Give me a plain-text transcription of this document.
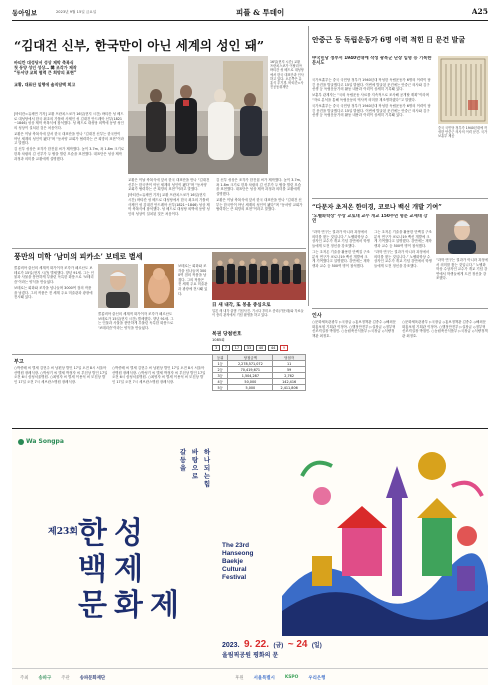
동아일보	2023년 9월 15일 금요일	피플 & 투데이	A25
“김대건 신부, 한국만이 아닌 세계의 성인 돼”
바티칸 대성당서 성상 제막 축복식
첫 동양 성인 성상… 韓 조각가 제작
“동서양 교회 협력 큰 희망의 표현”
교황, 대표단 일행에 솔직담백 회고

[바티칸=유채연 기자] 교황 프란치스코가 16일(현지 시간) 바티칸 성 베드로 대성당에서 한국 최초의 가톨릭 사제인 성 김대건 안드레아 신부(1821~1846) 성상 제막 축복식에 참석했다. 성 베드로 대성당 외벽에 동양 성인의 성상이 설치된 것은 처음이다.

교황은 이날 축복식에 앞서 한국 대표단을 만나 “김대건 신부는 한국만이 아닌 세계의 성인이 됐다”며 “동서양 교회가 협력하는 큰 희망의 표현”이라고 말했다.

김 신부 성상은 조각가 한진섭 씨가 제작했다. 높이 3.7m, 폭 1.8m 크기로 한복 차림의 김 신부가 두 팔을 벌린 모습을 표현했다. 대표단은 성상 제작 과정과 의미를 교황에게 설명했다.

16일(현지 시간) 교황 프란치스코가 이탈리아 바티칸 성 베드로 대성당에서 한국 대표단과 인사하고 있다. 오른쪽은 유흥식 추기경. 바티칸=사진공동취재단

교황은 이날 축복식에 앞서 한국 대표단을 만나 “김대건 신부는 한국만이 아닌 세계의 성인이 됐다”며 “동서양 교회가 협력하는 큰 희망의 표현”이라고 말했다.

[바티칸=유채연 기자] 교황 프란치스코가 16일(현지 시간) 바티칸 성 베드로 대성당에서 한국 최초의 가톨릭 사제인 성 김대건 안드레아 신부(1821~1846) 성상 제막 축복식에 참석했다. 성 베드로 대성당 외벽에 동양 성인의 성상이 설치된 것은 처음이다.

김 신부 성상은 조각가 한진섭 씨가 제작했다. 높이 3.7m, 폭 1.8m 크기로 한복 차림의 김 신부가 두 팔을 벌린 모습을 표현했다. 대표단은 성상 제작 과정과 의미를 교황에게 설명했다.

교황은 이날 축복식에 앞서 한국 대표단을 만나 “김대건 신부는 한국만이 아닌 세계의 성인이 됐다”며 “동서양 교회가 협력하는 큰 희망의 표현”이라고 말했다.

안중근 등 독립운동가 6명 이력 적힌 日 문건 발굴
中국민당 정부서 1940년대에 작성 광복군 단장 임명 등 기록한 문서도

국가보훈부는 중국 국민당 정부가 1940년대 작성한 독립운동가 6명의 이력이 담긴 문건을 발굴했다고 15일 밝혔다. 이번에 발굴된 문건에는 안중근 의사와 김구 선생 등 독립운동가의 활동 내용과 이력이 상세히 기록돼 있다.

보훈부 관계자는 “국외 독립운동 사료를 지속적으로 조사해 공개할 계획”이라며 “자료 분석을 통해 독립운동의 역사적 의미를 재조명하겠다”고 말했다.

국가보훈부는 중국 국민당 정부가 1940년대 작성한 독립운동가 6명의 이력이 담긴 문건을 발굴했다고 15일 밝혔다. 이번에 발굴된 문건에는 안중근 의사와 김구 선생 등 독립운동가의 활동 내용과 이력이 상세히 기록돼 있다.

중국 국민당 정부가 1940년대에 작성한 안중근 의사의 이력 문건. 국가보훈부 제공
“다문자 초저온 한미경, 코로나 백신 개발 기여”
‘노벨화학상’ 수상 교토대 교수 개교 150주년 명문 교세대 강연

“과학 연구는 결과가 아니라 과정에서 의미를 찾는 것입니다.” 노벨화학상 수상자인 교수가 개교 기념 강연에서 학생들에게 도전 정신을 강조했다.

그는 초저온 기술을 활용한 단백질 구조 분석 연구가 코로나19 백신 개발에 크게 기여했다고 설명했다. 강연에는 재학생과 교수 등 500여 명이 참석했다.

그는 초저온 기술을 활용한 단백질 구조 분석 연구가 코로나19 백신 개발에 크게 기여했다고 설명했다. 강연에는 재학생과 교수 등 500여 명이 참석했다.

“과학 연구는 결과가 아니라 과정에서 의미를 찾는 것입니다.” 노벨화학상 수상자인 교수가 개교 기념 강연에서 학생들에게 도전 정신을 강조했다.

“과학 연구는 결과가 아니라 과정에서 의미를 찾는 것입니다.” 노벨화학상 수상자인 교수가 개교 기념 강연에서 학생들에게 도전 정신을 강조했다.

풍만의 미학 ‘남미의 피카소’ 보테로 별세

콜롬비아 출신의 세계적 화가이자 조각가 페르난도 보테로가 15일(현지 시간) 별세했다. 향년 91세. 그는 인물과 사물을 풍만하게 부풀린 독특한 화풍으로 ‘보테리즘’이라는 양식을 만들었다.

보테로는 회화와 조각을 넘나들며 3000여 점의 작품을 남겼다. 그의 작품은 전 세계 주요 미술관과 광장에 전시돼 있다.

보테로는 회화와 조각을 넘나들며 3000여 점의 작품을 남겼다. 그의 작품은 전 세계 주요 미술관과 광장에 전시돼 있다.

콜롬비아 출신의 세계적 화가이자 조각가 페르난도 보테로가 15일(현지 시간) 별세했다. 향년 91세. 그는 인물과 사물을 풍만하게 부풀린 독특한 화풍으로 ‘보테리즘’이라는 양식을 만들었다.

日 새 내각, 또 봉을 중심으로
일본 새 내각 출범 기념사진. 기시다 후미오 총리(가운데)와 각료들이 총리 관저에서 기념 촬영을 하고 있다.
부고
○박종배 씨 별세 김현주 씨 남편상 발인 17일 오전 8시 서울아산병원 장례식장. ○박성기 씨 별세 박정자 씨 부친상 발인 17일 오전 6시 삼성서울병원. ○최영자 씨 별세 이용석 씨 모친상 발인 17일 오전 7시 세브란스병원 장례식장.
○박종배 씨 별세 김현주 씨 남편상 발인 17일 오전 8시 서울아산병원 장례식장. ○박성기 씨 별세 박정자 씨 부친상 발인 17일 오전 6시 삼성서울병원. ○최영자 씨 별세 이용석 씨 모친상 발인 17일 오전 7시 세브란스병원 장례식장.
복권 당첨번호
1085회
3	7	17	33	40	44	9
등위	당첨금액	당첨자
1등	2,278,571,072	11
2등	70,419,671	59
3등	1,504,287	2,762
4등	50,000	142,416
5등	5,000	2,411,806
인사
○문화체육관광부 ▷국장급 ◇홍보정책관 김종수 ◇해외문화홍보원 기획관 이정아. ○행정안전부 ▷실장급 ◇정부혁신조직실장 박철민. ○농림축산식품부 ▷국장급 ◇식량정책관 최정호.
○문화체육관광부 ▷국장급 ◇홍보정책관 김종수 ◇해외문화홍보원 기획관 이정아. ○행정안전부 ▷실장급 ◇정부혁신조직실장 박철민. ○농림축산식품부 ▷국장급 ◇식량정책관 최정호.
Wa Songpa
제23회 한 성
백 제
문 화 제
갈
등
을
바
탕
으
로
하
나
되
는
힘
The 23rd
Hanseong
Baekje
Cultural
Festival
2023. 9. 22. (금) ~ 24 (일)
올림픽공원 평화의 문
주최 송파구 주관 송파문화재단	후원 서울특별시 KSPO 우리은행
